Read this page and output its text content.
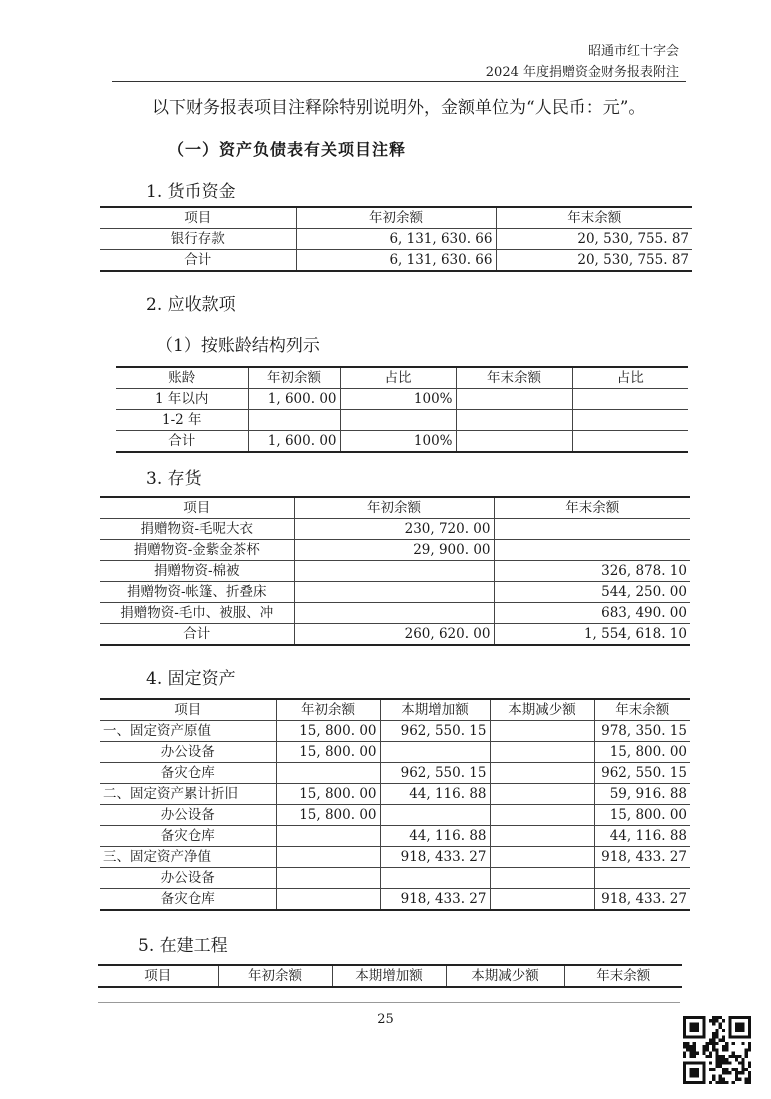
昭通市红十字会
2024 年度捐赠资金财务报表附注
以下财务报表项目注释除特别说明外，金额单位为“人民币：元”。
（一）资产负债表有关项目注释
1. 货币资金
项目	年初余额	年末余额
银行存款	6, 131, 630. 66	20, 530, 755. 87
合计	6, 131, 630. 66	20, 530, 755. 87
2. 应收款项
（1）按账龄结构列示
账龄	年初余额	占比	年末余额	占比
1 年以内	1, 600. 00	100%		
1-2 年				
合计	1, 600. 00	100%		
3. 存货
项目	年初余额	年末余额
捐赠物资-毛呢大衣	230, 720. 00	
捐赠物资-金紫金茶杯	29, 900. 00	
捐赠物资-棉被		326, 878. 10
捐赠物资-帐篷、折叠床		544, 250. 00
捐赠物资-毛巾、被服、冲		683, 490. 00
合计	260, 620. 00	1, 554, 618. 10
4. 固定资产
项目	年初余额	本期增加额	本期减少额	年末余额
一、固定资产原值	15, 800. 00	962, 550. 15		978, 350. 15
办公设备	15, 800. 00			15, 800. 00
备灾仓库		962, 550. 15		962, 550. 15
二、固定资产累计折旧	15, 800. 00	44, 116. 88		59, 916. 88
办公设备	15, 800. 00			15, 800. 00
备灾仓库		44, 116. 88		44, 116. 88
三、固定资产净值		918, 433. 27		918, 433. 27
办公设备				
备灾仓库		918, 433. 27		918, 433. 27
5. 在建工程
项目	年初余额	本期增加额	本期减少额	年末余额
25
